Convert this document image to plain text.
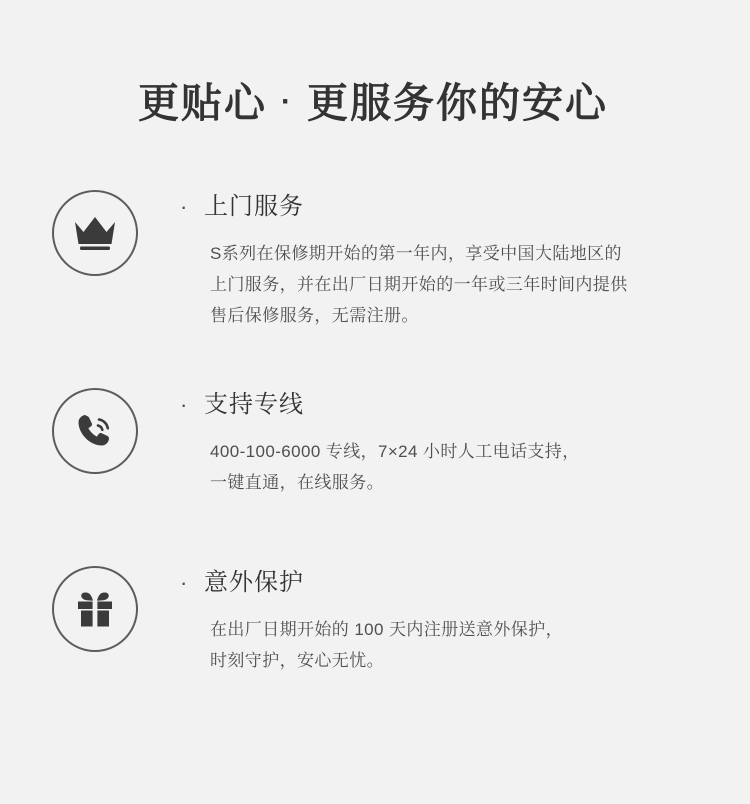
更贴心 · 更服务你的安心
· 上门服务

S系列在保修期开始的第一年内，享受中国大陆地区的

上门服务，并在出厂日期开始的一年或三年时间内提供

售后保修服务，无需注册。

· 支持专线

400-100-6000 专线，7×24 小时人工电话支持，

一键直通，在线服务。

· 意外保护

在出厂日期开始的 100 天内注册送意外保护，

时刻守护，安心无忧。
